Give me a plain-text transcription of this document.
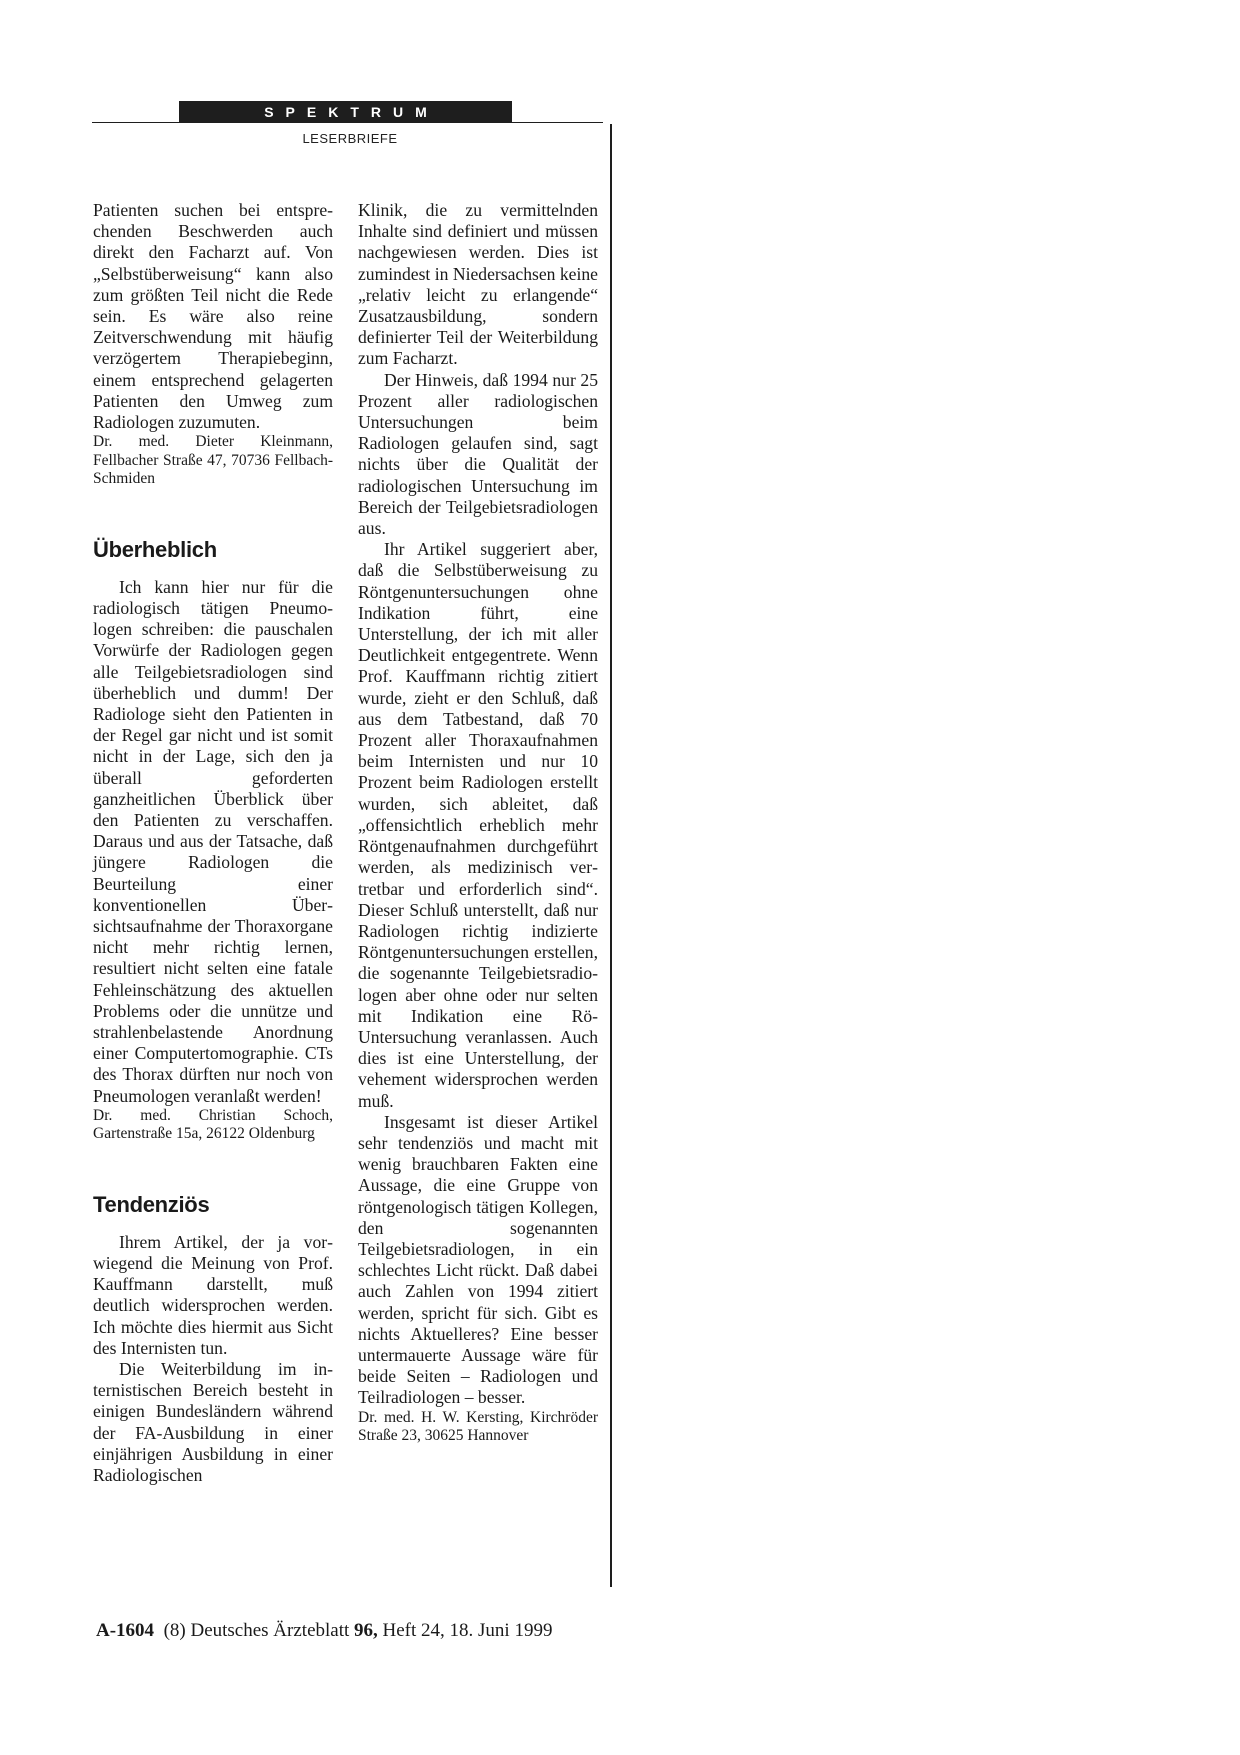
SPEKTRUM
LESERBRIEFE

Patienten suchen bei entsprechenden Beschwerden auch direkt den Facharzt auf. Von „Selbstüberweisung“ kann also zum größten Teil nicht die Rede sein. Es wäre also reine Zeitverschwendung mit häufig verzögertem Therapiebeginn, einem entsprechend gelagerten Patienten den Umweg zum Radiologen zuzumuten.

Dr. med. Dieter Kleinmann, Fellbacher Straße 47, 70736 Fellbach-Schmiden

Überheblich

Ich kann hier nur für die radiologisch tätigen Pneumologen schreiben: die pauschalen Vorwürfe der Radiologen gegen alle Teilgebietsradiologen sind überheblich und dumm! Der Radiologe sieht den Patienten in der Regel gar nicht und ist somit nicht in der Lage, sich den ja überall geforderten ganzheitlichen Überblick über den Patienten zu verschaffen. Daraus und aus der Tatsache, daß jüngere Radiologen die Beurteilung einer konventionellen Übersichtsaufnahme der Thoraxorgane nicht mehr richtig lernen, resultiert nicht selten eine fatale Fehleinschätzung des aktuellen Problems oder die unnütze und strahlenbelastende Anordnung einer Computertomographie. CTs des Thorax dürften nur noch von Pneumologen veranlaßt werden!

Dr. med. Christian Schoch, Gartenstraße 15a, 26122 Oldenburg

Tendenziös

Ihrem Artikel, der ja vorwiegend die Meinung von Prof. Kauffmann darstellt, muß deutlich widersprochen werden. Ich möchte dies hiermit aus Sicht des Internisten tun.

Die Weiterbildung im internistischen Bereich besteht in einigen Bundesländern während der FA-Ausbildung in einer einjährigen Ausbildung in einer Radiologischen

Klinik, die zu vermittelnden Inhalte sind definiert und müssen nachgewiesen werden. Dies ist zumindest in Niedersachsen keine „relativ leicht zu erlangende“ Zusatzausbildung, sondern definierter Teil der Weiterbildung zum Facharzt.

Der Hinweis, daß 1994 nur 25 Prozent aller radiologischen Untersuchungen beim Radiologen gelaufen sind, sagt nichts über die Qualität der radiologischen Untersuchung im Bereich der Teilgebietsradiologen aus.

Ihr Artikel suggeriert aber, daß die Selbstüberweisung zu Röntgenuntersuchungen ohne Indikation führt, eine Unterstellung, der ich mit aller Deutlichkeit entgegentrete. Wenn Prof. Kauffmann richtig zitiert wurde, zieht er den Schluß, daß aus dem Tatbestand, daß 70 Prozent aller Thoraxaufnahmen beim Internisten und nur 10 Prozent beim Radiologen erstellt wurden, sich ableitet, daß „offensichtlich erheblich mehr Röntgenaufnahmen durchgeführt werden, als medizinisch vertretbar und erforderlich sind“. Dieser Schluß unterstellt, daß nur Radiologen richtig indizierte Röntgenuntersuchungen erstellen, die sogenannte Teilgebietsradiologen aber ohne oder nur selten mit Indikation eine Rö-Untersuchung veranlassen. Auch dies ist eine Unterstellung, der vehement widersprochen werden muß.

Insgesamt ist dieser Artikel sehr tendenziös und macht mit wenig brauchbaren Fakten eine Aussage, die eine Gruppe von röntgenologisch tätigen Kollegen, den sogenannten Teilgebietsradiologen, in ein schlechtes Licht rückt. Daß dabei auch Zahlen von 1994 zitiert werden, spricht für sich. Gibt es nichts Aktuelleres? Eine besser untermauerte Aussage wäre für beide Seiten – Radiologen und Teilradiologen – besser.

Dr. med. H. W. Kersting, Kirchröder Straße 23, 30625 Hannover

A-1604 (8) Deutsches Ärzteblatt 96, Heft 24, 18. Juni 1999
